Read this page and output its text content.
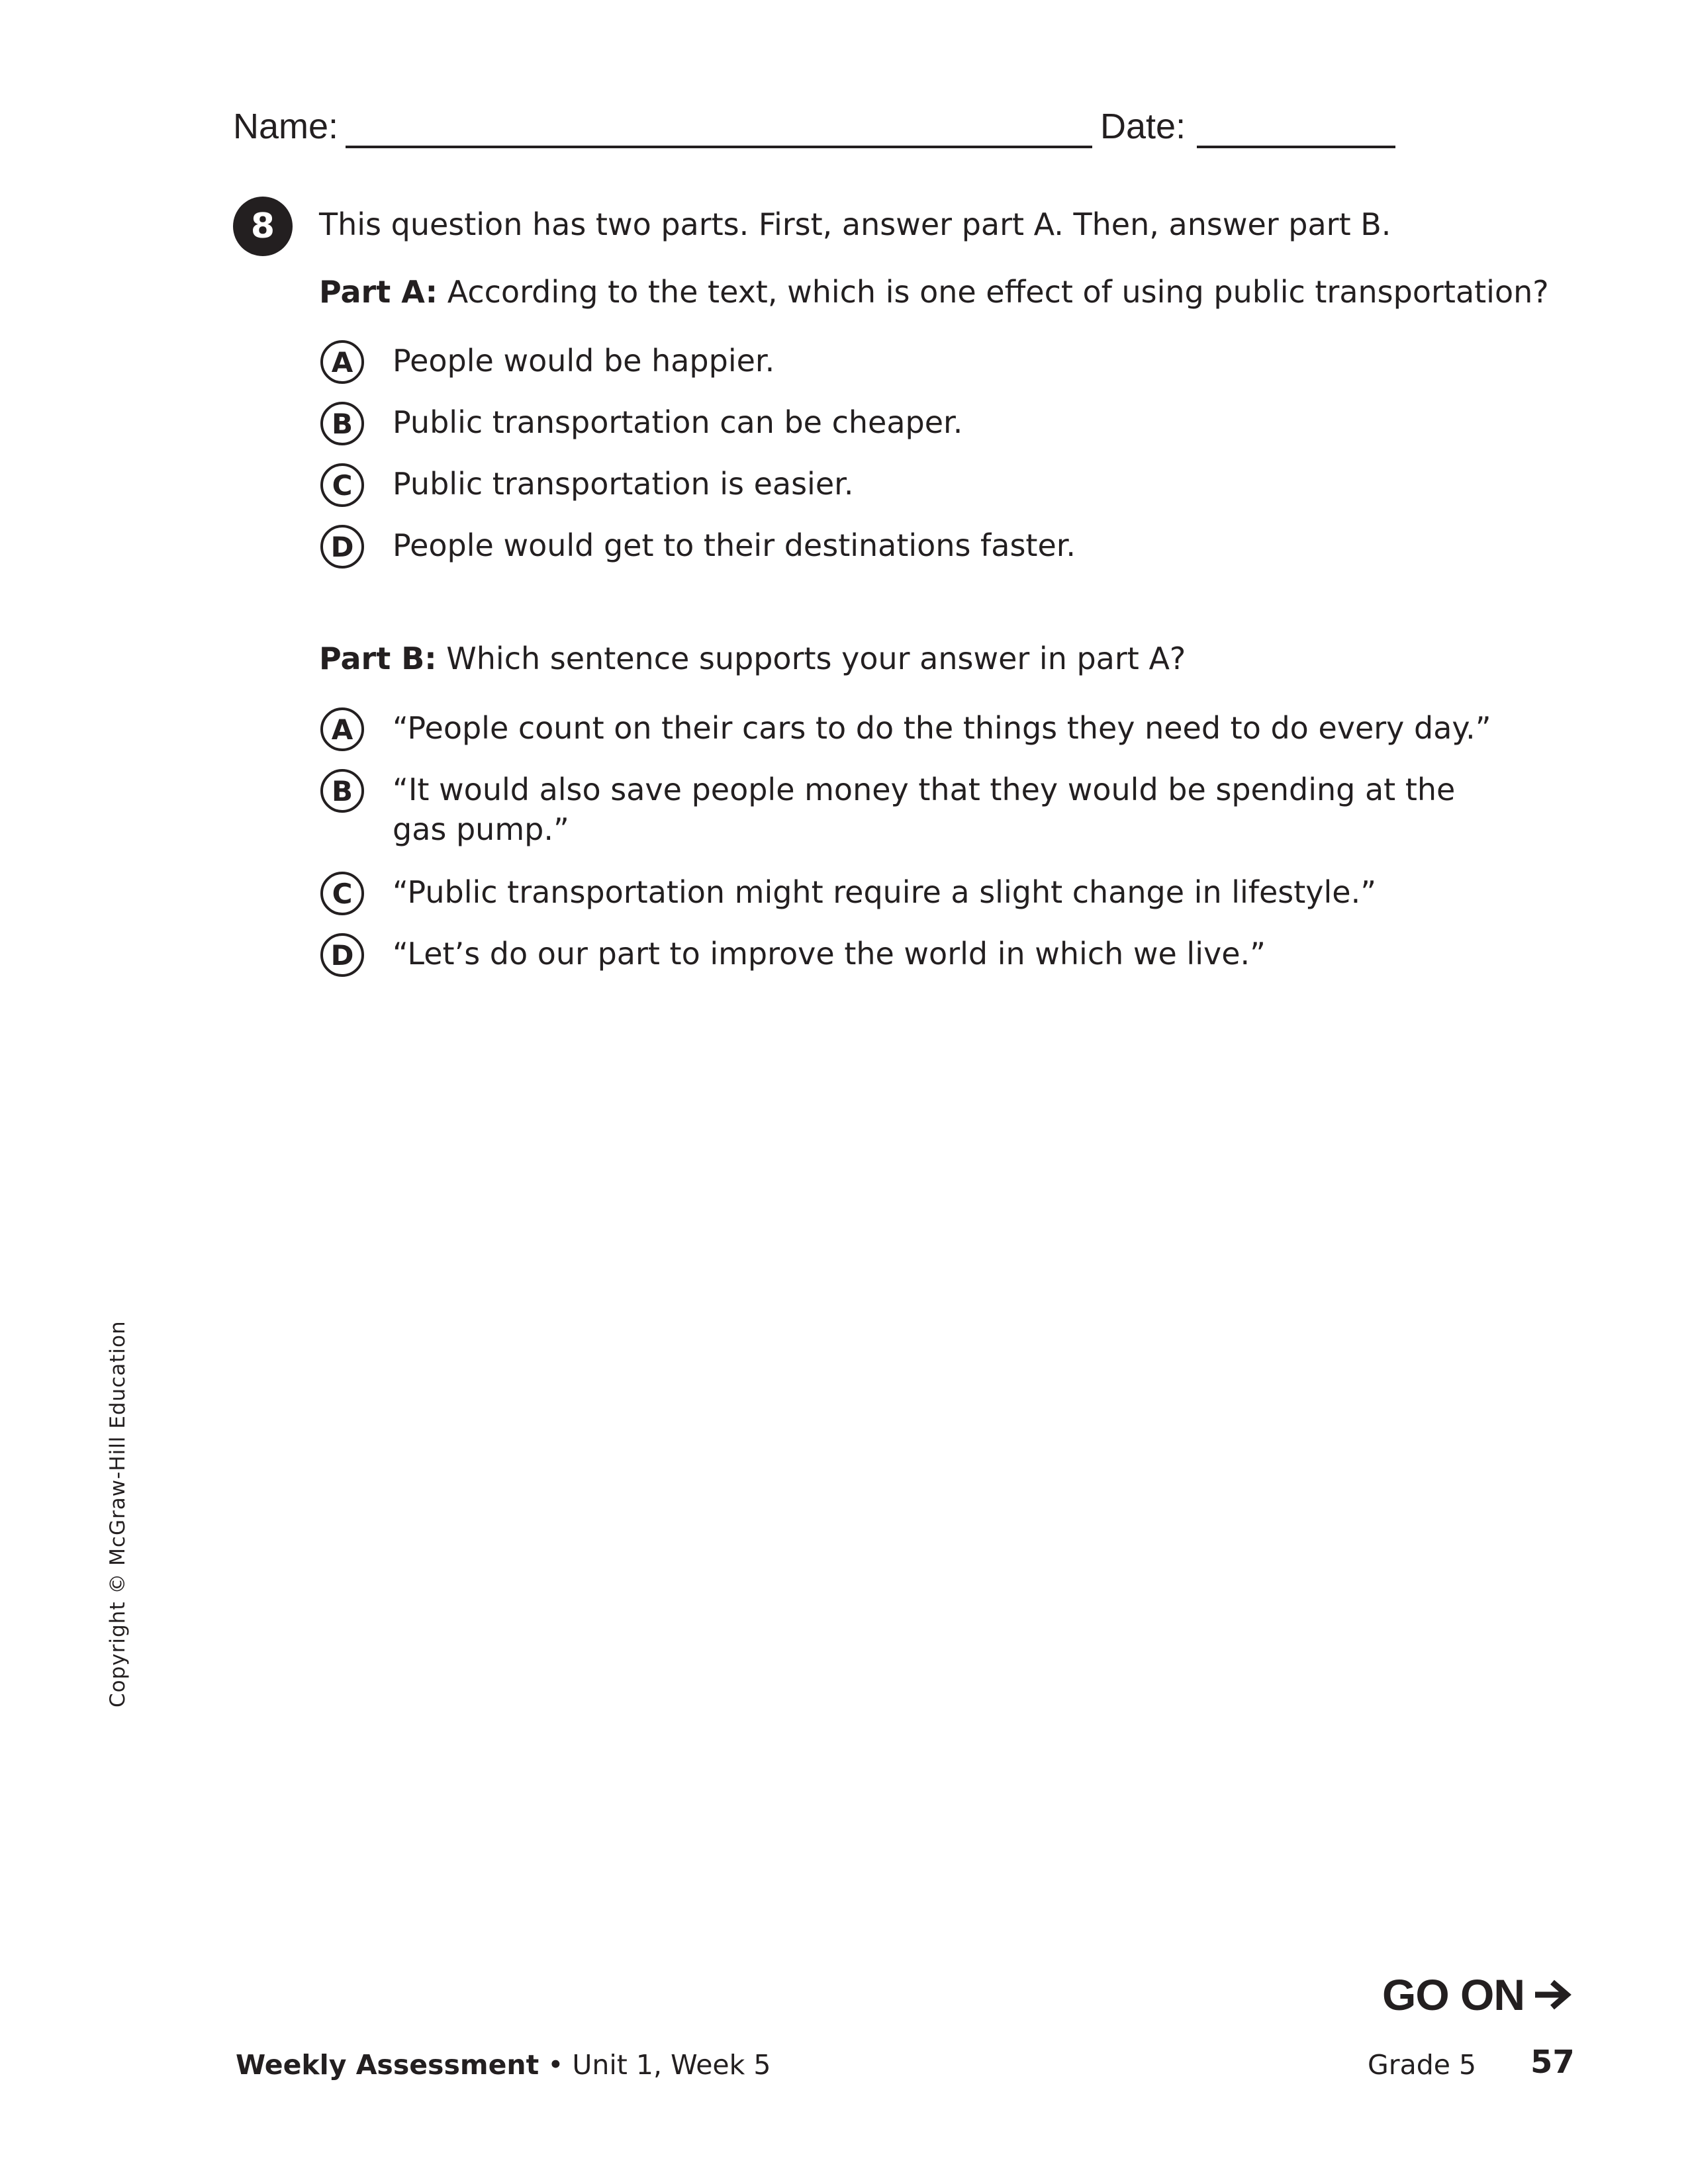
Name:	Date:
8	This question has two parts. First, answer part A. Then, answer part B.
Part A: According to the text, which is one effect of using public transportation?
A	People would be happier.
B	Public transportation can be cheaper.
C	Public transportation is easier.
D	People would get to their destinations faster.
Part B: Which sentence supports your answer in part A?
A	“People count on their cars to do the things they need to do every day.”
B	“It would also save people money that they would be spending at the
gas pump.”
C	“Public transportation might require a slight change in lifestyle.”
D	“Let’s do our part to improve the world in which we live.”
Copyright © McGraw-Hill Education
GO ON
Weekly Assessment • Unit 1, Week 5	Grade 5 57
